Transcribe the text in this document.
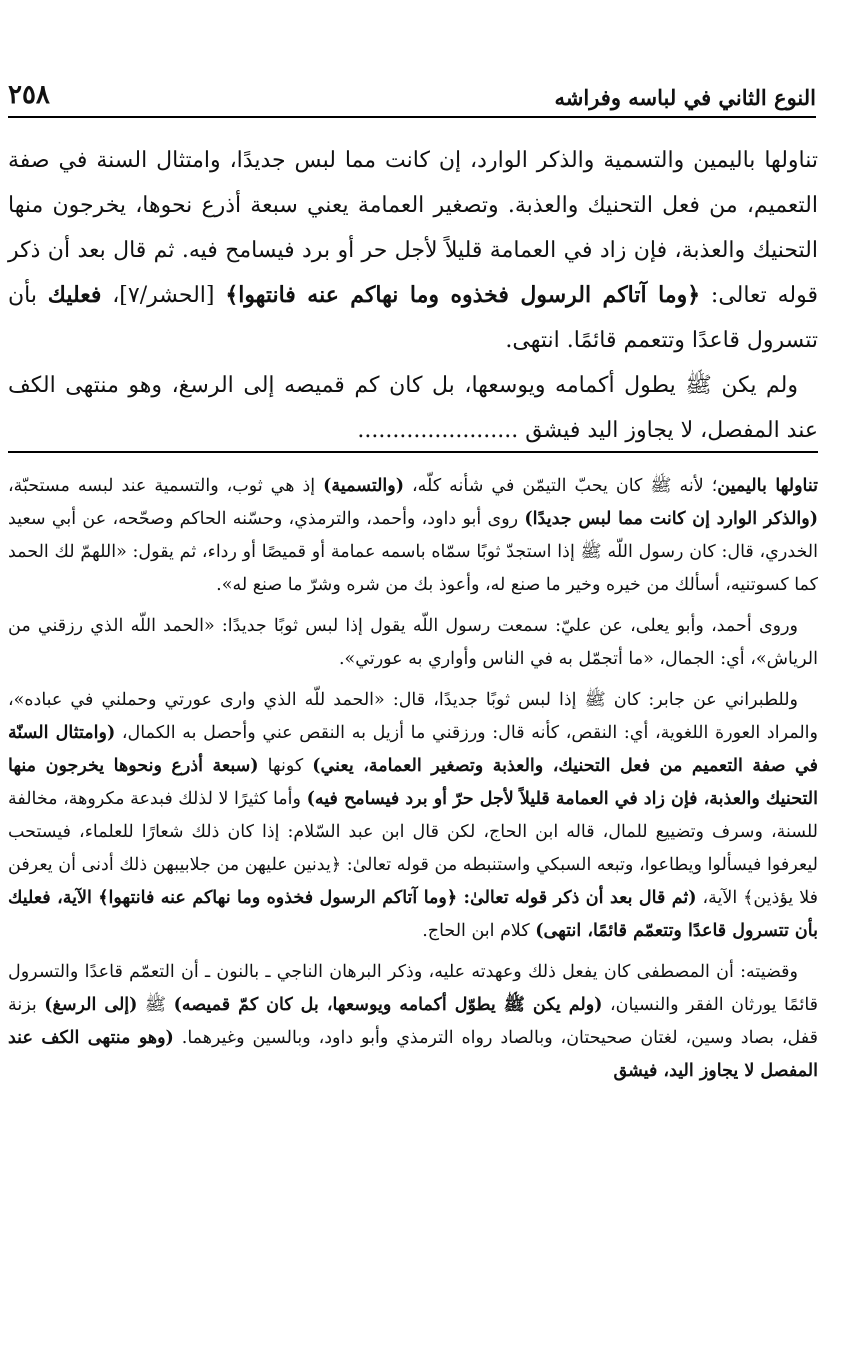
النوع الثاني في لباسه وفراشه
٢٥٨

تناولها باليمين والتسمية والذكر الوارد، إن كانت مما لبس جديدًا، وامتثال السنة في صفة التعميم، من فعل التحنيك والعذبة. وتصغير العمامة يعني سبعة أذرع نحوها، يخرجون منها التحنيك والعذبة، فإن زاد في العمامة قليلاً لأجل حر أو برد فيسامح فيه. ثم قال بعد أن ذكر قوله تعالى: ﴿وما آتاكم الرسول فخذوه وما نهاكم عنه فانتهوا﴾ [الحشر/٧]، فعليك بأن تتسرول قاعدًا وتتعمم قائمًا. انتهى.

ولم يكن ﷺ يطول أكمامه ويوسعها، بل كان كم قميصه إلى الرسغ، وهو منتهى الكف عند المفصل، لا يجاوز اليد فيشق .......................

تناولها باليمين؛ لأنه ﷺ كان يحبّ التيمّن في شأنه كلّه، (والتسمية) إذ هي ثوب، والتسمية عند لبسه مستحبّة، (والذكر الوارد إن كانت مما لبس جديدًا) روى أبو داود، وأحمد، والترمذي، وحسّنه الحاكم وصحّحه، عن أبي سعيد الخدري، قال: كان رسول اللّه ﷺ إذا استجدّ ثوبًا سمّاه باسمه عمامة أو قميصًا أو رداء، ثم يقول: «اللهمّ لك الحمد كما كسوتنيه، أسألك من خيره وخير ما صنع له، وأعوذ بك من شره وشرّ ما صنع له».

وروى أحمد، وأبو يعلى، عن عليّ: سمعت رسول اللّه يقول إذا لبس ثوبًا جديدًا: «الحمد اللّه الذي رزقني من الرياش»، أي: الجمال، «ما أتجمّل به في الناس وأواري به عورتي».

وللطبراني عن جابر: كان ﷺ إذا لبس ثوبًا جديدًا، قال: «الحمد للّه الذي وارى عورتي وحملني في عباده»، والمراد العورة اللغوية، أي: النقص، كأنه قال: ورزقني ما أزيل به النقص عني وأحصل به الكمال، (وامتثال السنّة في صفة التعميم من فعل التحنيك، والعذبة وتصغير العمامة، يعني) كونها (سبعة أذرع ونحوها يخرجون منها التحنيك والعذبة، فإن زاد في العمامة قليلاً لأجل حرّ أو برد فيسامح فيه) وأما كثيرًا لا لذلك فبدعة مكروهة، مخالفة للسنة، وسرف وتضييع للمال، قاله ابن الحاج، لكن قال ابن عبد السّلام: إذا كان ذلك شعارًا للعلماء، فيستحب ليعرفوا فيسألوا ويطاعوا، وتبعه السبكي واستنبطه من قوله تعالىٰ: ﴿يدنين عليهن من جلابيبهن ذلك أدنى أن يعرفن فلا يؤذين﴾ الآية، (ثم قال بعد أن ذكر قوله تعالىٰ: ﴿وما آتاكم الرسول فخذوه وما نهاكم عنه فانتهوا﴾ الآية، فعليك بأن تتسرول قاعدًا وتتعمّم قائمًا، انتهى) كلام ابن الحاج.

وقضيته: أن المصطفى كان يفعل ذلك وعهدته عليه، وذكر البرهان الناجي ـ بالنون ـ أن التعمّم قاعدًا والتسرول قائمًا يورثان الفقر والنسيان، (ولم يكن ﷺ يطوّل أكمامه ويوسعها، بل كان كمّ قميصه) ﷺ (إلى الرسغ) بزنة قفل، بصاد وسين، لغتان صحيحتان، وبالصاد رواه الترمذي وأبو داود، وبالسين وغيرهما. (وهو منتهى الكف عند المفصل لا يجاوز اليد، فيشق
